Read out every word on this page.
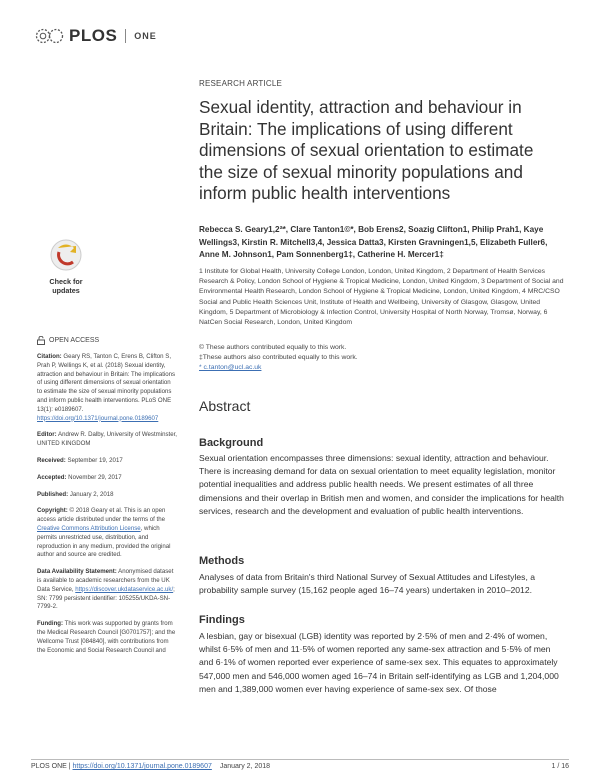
PLOS ONE
RESEARCH ARTICLE
Sexual identity, attraction and behaviour in Britain: The implications of using different dimensions of sexual orientation to estimate the size of sexual minority populations and inform public health interventions
Rebecca S. Geary1,2ª*, Clare Tanton1©*, Bob Erens2, Soazig Clifton1, Philip Prah1, Kaye Wellings3, Kirstin R. Mitchell3,4, Jessica Datta3, Kirsten Gravningen1,5, Elizabeth Fuller6, Anne M. Johnson1, Pam Sonnenberg1‡, Catherine H. Mercer1‡
1 Institute for Global Health, University College London, London, United Kingdom, 2 Department of Health Services Research & Policy, London School of Hygiene & Tropical Medicine, London, United Kingdom, 3 Department of Social and Environmental Health Research, London School of Hygiene & Tropical Medicine, London, United Kingdom, 4 MRC/CSO Social and Public Health Sciences Unit, Institute of Health and Wellbeing, University of Glasgow, Glasgow, United Kingdom, 5 Department of Microbiology & Infection Control, University Hospital of North Norway, Tromsø, Norway, 6 NatCen Social Research, London, United Kingdom
© These authors contributed equally to this work.
‡These authors also contributed equally to this work.
* c.tanton@ucl.ac.uk
Abstract
Background

Sexual orientation encompasses three dimensions: sexual identity, attraction and behaviour. There is increasing demand for data on sexual orientation to meet equality legislation, monitor potential inequalities and address public health needs. We present estimates of all three dimensions and their overlap in British men and women, and consider the implications for health services, research and the development and evaluation of public health interventions.

Methods

Analyses of data from Britain's third National Survey of Sexual Attitudes and Lifestyles, a probability sample survey (15,162 people aged 16–74 years) undertaken in 2010–2012.

Findings

A lesbian, gay or bisexual (LGB) identity was reported by 2·5% of men and 2·4% of women, whilst 6·5% of men and 11·5% of women reported any same-sex attraction and 5·5% of men and 6·1% of women reported ever experience of same-sex sex. This equates to approximately 547,000 men and 546,000 women aged 16–74 in Britain self-identifying as LGB and 1,204,000 men and 1,389,000 women ever having experience of same-sex sex. Of those

Check for
updates
OPEN ACCESS

Citation: Geary RS, Tanton C, Erens B, Clifton S, Prah P, Wellings K, et al. (2018) Sexual identity, attraction and behaviour in Britain: The implications of using different dimensions of sexual orientation to estimate the size of sexual minority populations and inform public health interventions. PLoS ONE 13(1): e0189607. https://doi.org/10.1371/journal.pone.0189607

Editor: Andrew R. Dalby, University of Westminster, UNITED KINGDOM

Received: September 19, 2017

Accepted: November 29, 2017

Published: January 2, 2018

Copyright: © 2018 Geary et al. This is an open access article distributed under the terms of the Creative Commons Attribution License, which permits unrestricted use, distribution, and reproduction in any medium, provided the original author and source are credited.

Data Availability Statement: Anonymised dataset is available to academic researchers from the UK Data Service, https://discover.ukdataservice.ac.uk/; SN: 7799 persistent identifier: 105255/UKDA-SN-7799-2.

Funding: This work was supported by grants from the Medical Research Council [G0701757]; and the Wellcome Trust [084840], with contributions from the Economic and Social Research Council and

PLOS ONE | https://doi.org/10.1371/journal.pone.0189607 January 2, 2018	1 / 16
